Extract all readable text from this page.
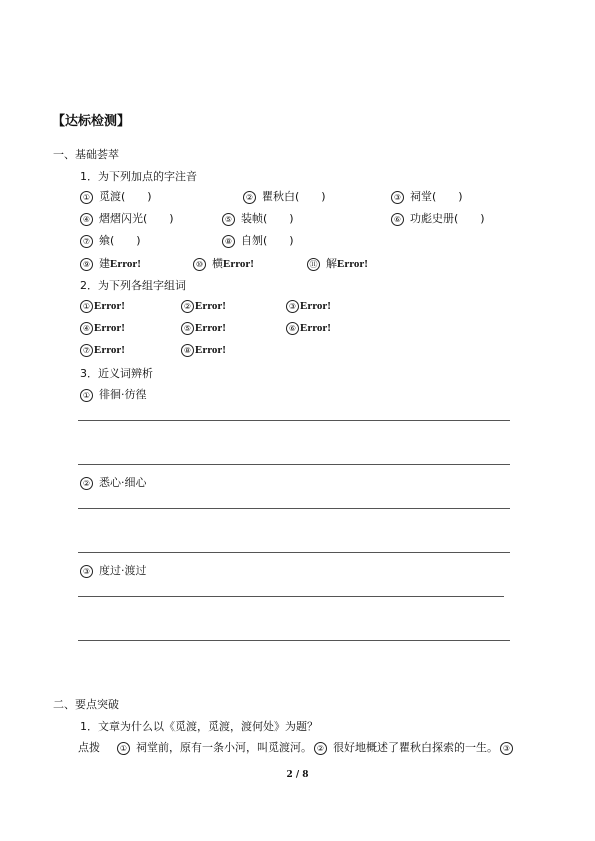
【达标检测】
一、基础荟萃
1．为下列加点的字注音
① 觅渡(　　)	② 瞿秋白(　　)	③ 祠堂(　　)
④ 熠熠闪光(　　)	⑤ 装帧(　　)	⑥ 功彪史册(　　)
⑦ 飨(　　)	⑧ 自刎(　　)
⑨ 建Error!	⑩ 横Error!	⑪ 解Error!
2．为下列各组字组词
① Error!	② Error!	③ Error!
④ Error!	⑤ Error!	⑥ Error!
⑦ Error!	⑧ Error!
3．近义词辨析
① 徘徊·彷徨
② 悉心·细心
③ 度过·渡过
二、要点突破
1．文章为什么以《觅渡，觅渡，渡何处》为题？
点拨 ① 祠堂前，原有一条小河，叫觅渡河。 ② 很好地概述了瞿秋白探索的一生。 ③
2 / 8
